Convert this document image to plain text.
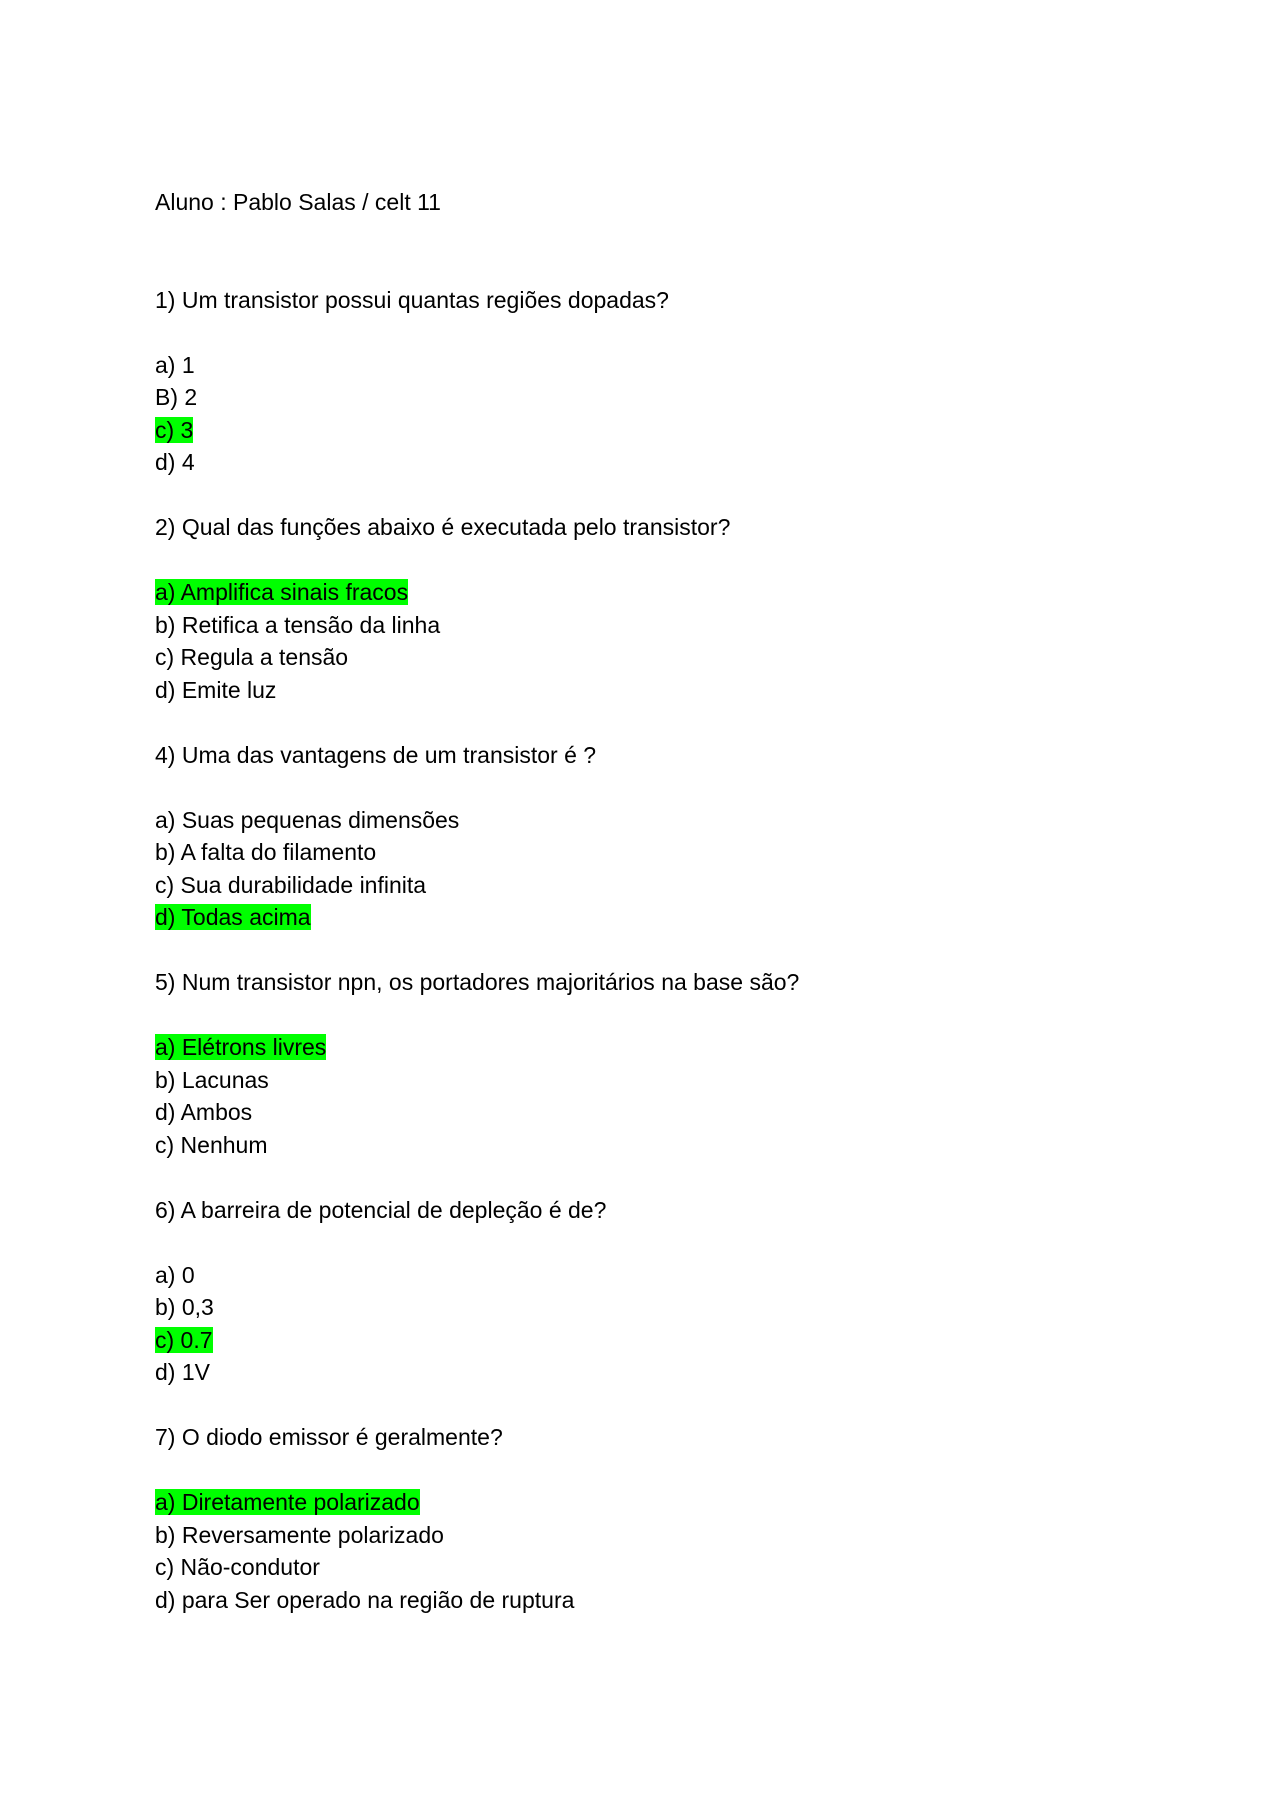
Aluno : Pablo Salas / celt 11
1) Um transistor possui quantas regiões dopadas?
a) 1
B) 2
c) 3
d) 4
2) Qual das funções abaixo é executada pelo transistor?
a) Amplifica sinais fracos
b) Retifica a tensão da linha
c) Regula a tensão
d) Emite luz
4) Uma das vantagens de um transistor é ?
a) Suas pequenas dimensões
b) A falta do filamento
c) Sua durabilidade infinita
d) Todas acima
5) Num transistor npn, os portadores majoritários na base são?
a) Elétrons livres
b) Lacunas
d) Ambos
c) Nenhum
6) A barreira de potencial de depleção é de?
a) 0
b) 0,3
c) 0.7
d) 1V
7) O diodo emissor é geralmente?
a) Diretamente polarizado
b) Reversamente polarizado
c) Não-condutor
d) para Ser operado na região de ruptura
